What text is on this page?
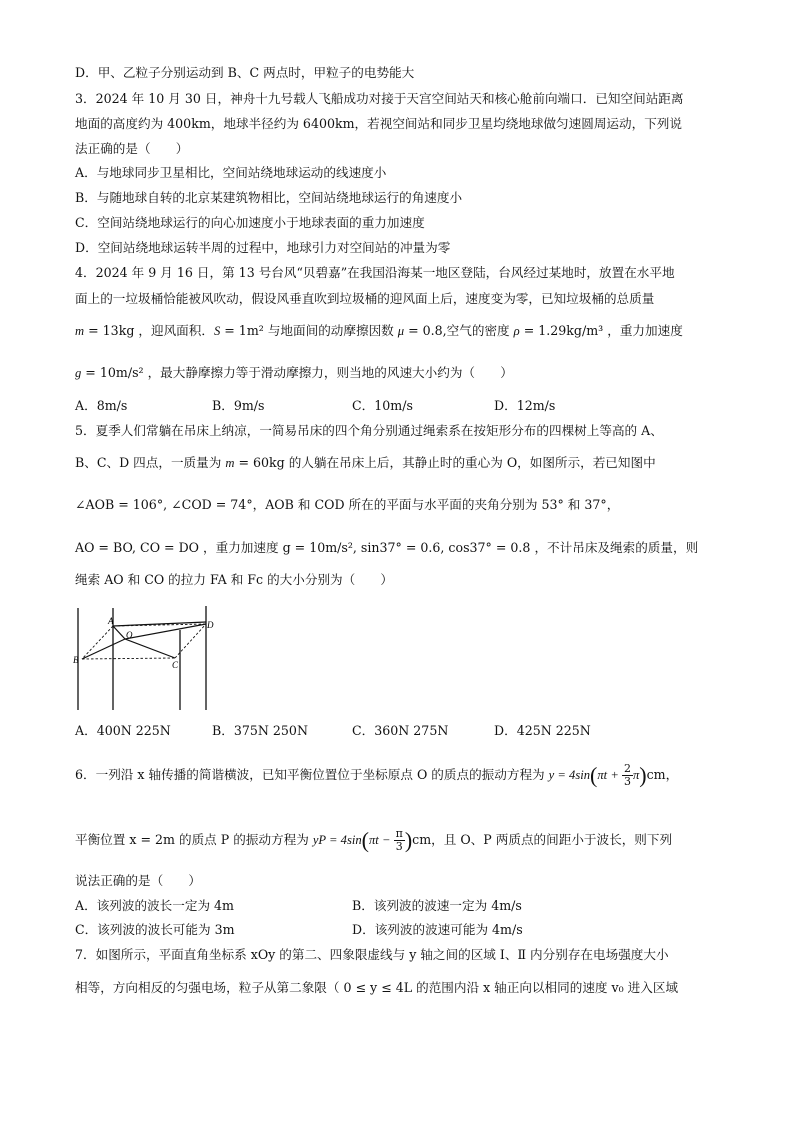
D．甲、乙粒子分别运动到 B、C 两点时，甲粒子的电势能大
3．2024 年 10 月 30 日，神舟十九号载人飞船成功对接于天宫空间站天和核心舱前向端口．已知空间站距离
地面的高度约为 400km，地球半径约为 6400km，若视空间站和同步卫星均绕地球做匀速圆周运动，下列说
法正确的是（　　）
A．与地球同步卫星相比，空间站绕地球运动的线速度小
B．与随地球自转的北京某建筑物相比，空间站绕地球运行的角速度小
C．空间站绕地球运行的向心加速度小于地球表面的重力加速度
D．空间站绕地球运转半周的过程中，地球引力对空间站的冲量为零
4．2024 年 9 月 16 日，第 13 号台风“贝碧嘉”在我国沿海某一地区登陆，台风经过某地时，放置在水平地
面上的一垃圾桶恰能被风吹动，假设风垂直吹到垃圾桶的迎风面上后，速度变为零，已知垃圾桶的总质量
m = 13kg ，迎风面积．S = 1m² 与地面间的动摩擦因数 μ = 0.8,空气的密度 ρ = 1.29kg/m³ ，重力加速度
g = 10m/s² ，最大静摩擦力等于滑动摩擦力，则当地的风速大小约为（　　）
A．8m/s	B．9m/s	C．10m/s	D．12m/s
5．夏季人们常躺在吊床上纳凉，一简易吊床的四个角分别通过绳索系在按矩形分布的四棵树上等高的 A、
B、C、D 四点，一质量为 m = 60kg 的人躺在吊床上后，其静止时的重心为 O，如图所示，若已知图中
∠AOB = 106°, ∠COD = 74°，AOB 和 COD 所在的平面与水平面的夹角分别为 53° 和 37°，
AO = BO, CO = DO ，重力加速度 g = 10m/s², sin37° = 0.6, cos37° = 0.8 ，不计吊床及绳索的质量，则
绳索 AO 和 CO 的拉力 FA 和 Fc 的大小分别为（　　）
A
B	C
D
O
A．400N 225N	B．375N 250N	C．360N 275N	D．425N 225N
6．一列沿 x 轴传播的简谐横波，已知平衡位置位于坐标原点 O 的质点的振动方程为 $y = 4\sin(\pi t + \frac{2}{3} \pi)cm$，
平衡位置 x = 2m 的质点 P 的振动方程为 yP = $4\sin(\pi t - \frac{\pi}{3} )cm$，且 O、P 两质点的间距小于波长，则下列
说法正确的是（　　）
A．该列波的波长一定为 4m	B．该列波的波速一定为 4m/s
C．该列波的波长可能为 3m	D．该列波的波速可能为 4m/s
7．如图所示，平面直角坐标系 xOy 的第二、四象限虚线与 y 轴之间的区域 Ⅰ、Ⅱ 内分别存在电场强度大小
相等，方向相反的匀强电场，粒子从第二象限（ 0 ≤ y ≤ 4L 的范围内沿 x 轴正向以相同的速度 v₀ 进入区域
